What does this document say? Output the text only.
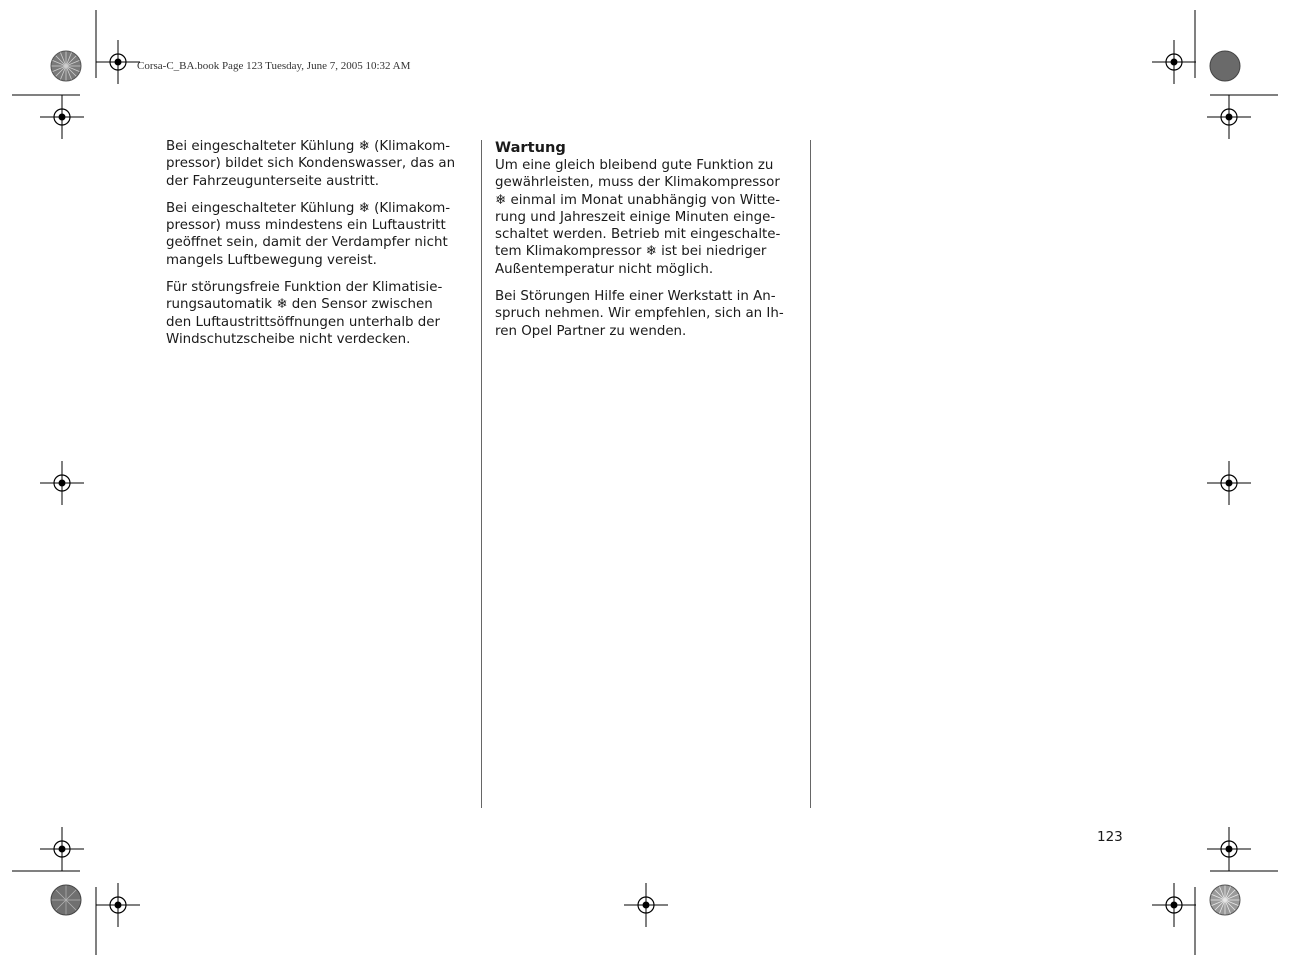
Corsa-C_BA.book Page 123 Tuesday, June 7, 2005 10:32 AM

Bei eingeschalteter Kühlung ❄ (Klimakom-
pressor) bildet sich Kondenswasser, das an
der Fahrzeugunterseite austritt.

Bei eingeschalteter Kühlung ❄ (Klimakom-
pressor) muss mindestens ein Luftaustritt
geöffnet sein, damit der Verdampfer nicht
mangels Luftbewegung vereist.

Für störungsfreie Funktion der Klimatisie-
rungsautomatik ❄ den Sensor zwischen
den Luftaustrittsöffnungen unterhalb der
Windschutzscheibe nicht verdecken.

Wartung

Um eine gleich bleibend gute Funktion zu
gewährleisten, muss der Klimakompressor
❄ einmal im Monat unabhängig von Witte-
rung und Jahreszeit einige Minuten einge-
schaltet werden. Betrieb mit eingeschalte-
tem Klimakompressor ❄ ist bei niedriger
Außentemperatur nicht möglich.

Bei Störungen Hilfe einer Werkstatt in An-
spruch nehmen. Wir empfehlen, sich an Ih-
ren Opel Partner zu wenden.

123
